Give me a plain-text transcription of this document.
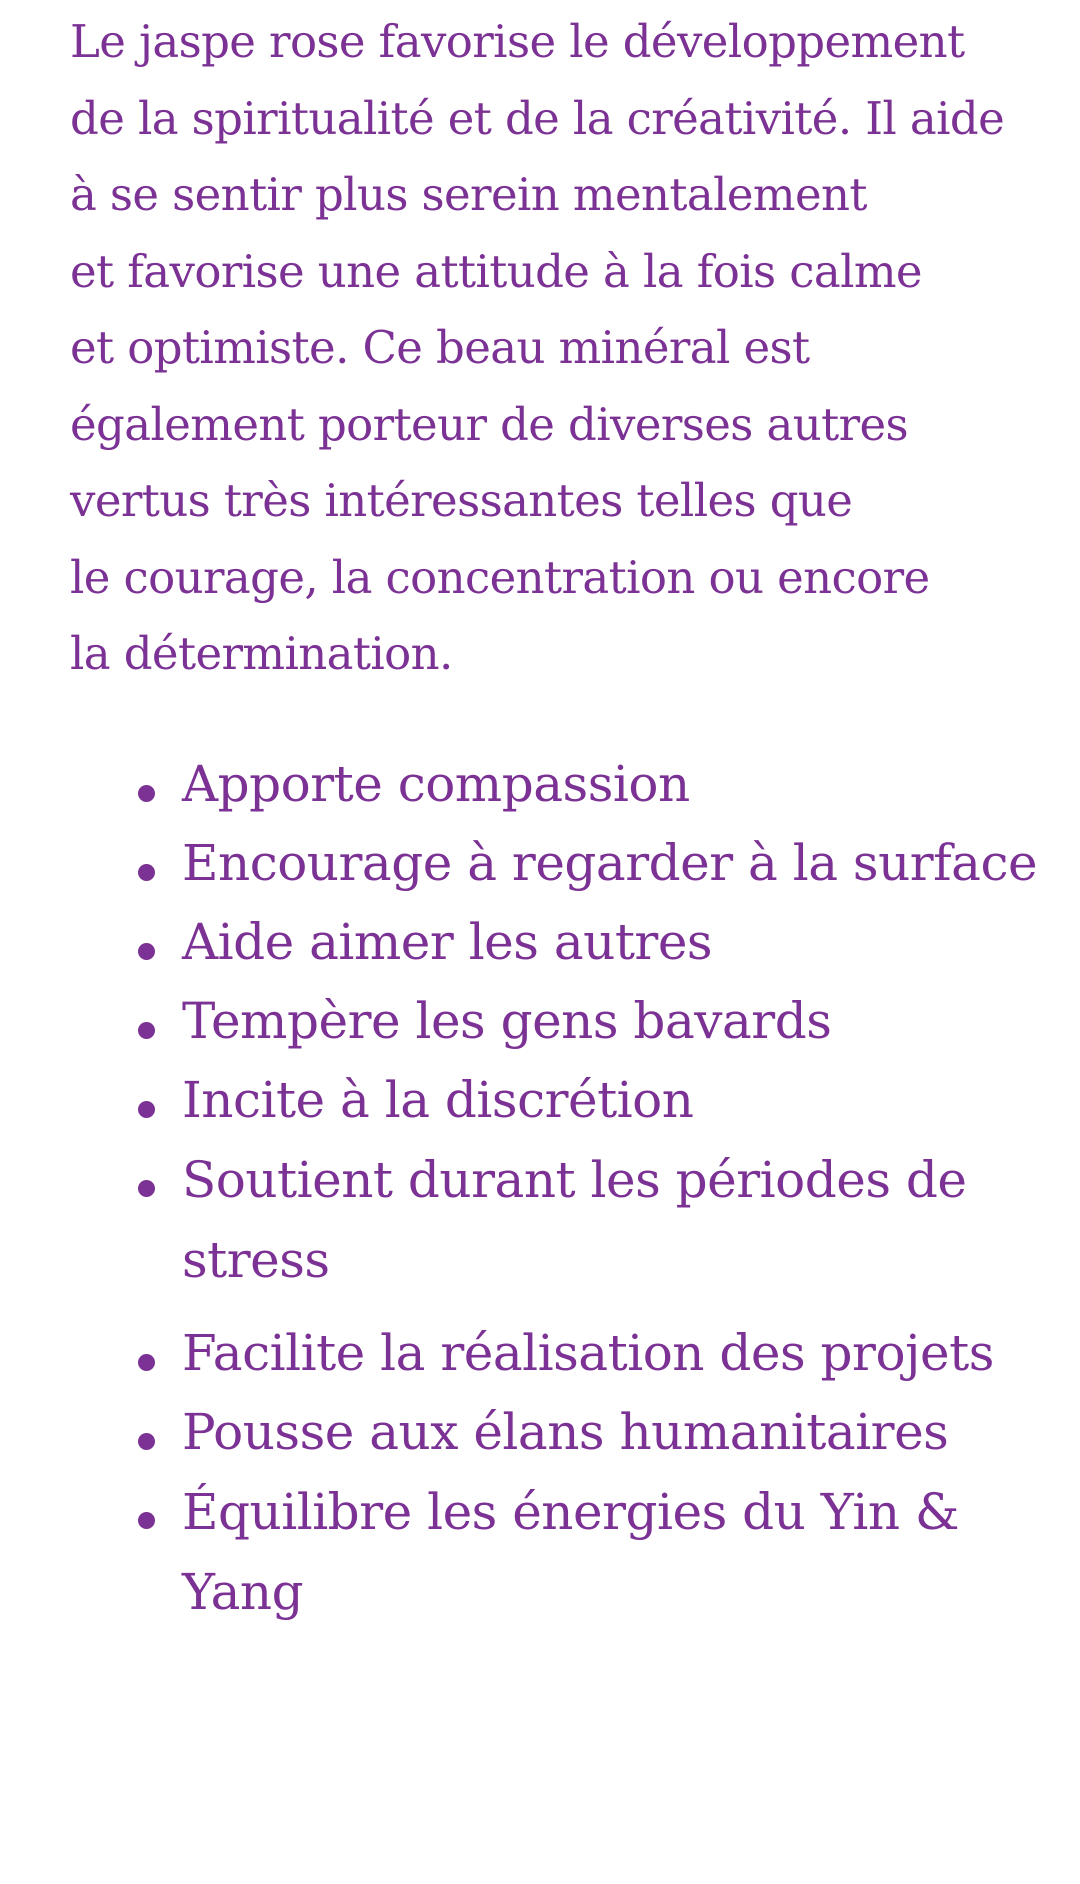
Le jaspe rose favorise le développement
de la spiritualité et de la créativité. Il aide
à se sentir plus serein mentalement
et favorise une attitude à la fois calme
et optimiste. Ce beau minéral est
également porteur de diverses autres
vertus très intéressantes telles que
le courage, la concentration ou encore
la détermination.

Apporte compassion
Encourage à regarder à la surface
Aide aimer les autres
Tempère les gens bavards
Incite à la discrétion
Soutient durant les périodes de
stress
Facilite la réalisation des projets
Pousse aux élans humanitaires
Équilibre les énergies du Yin &
Yang
